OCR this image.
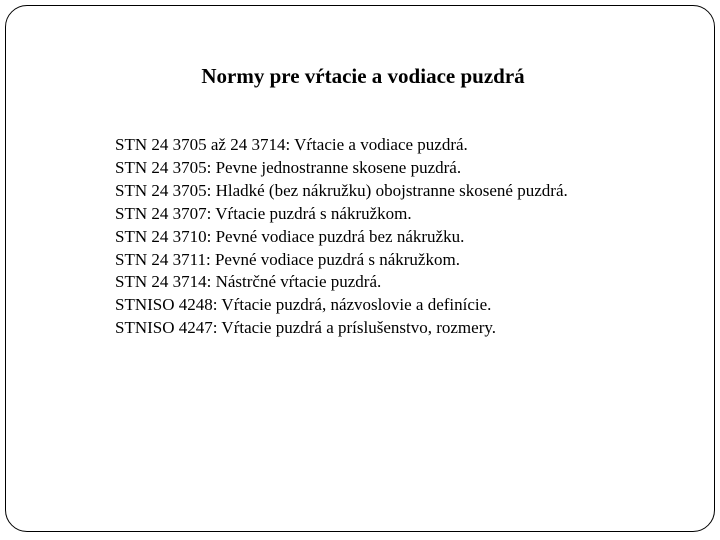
Normy pre vŕtacie a vodiace puzdrá
STN 24 3705 až 24 3714: Vŕtacie a vodiace puzdrá.
STN 24 3705: Pevne jednostranne skosene puzdrá.
STN 24 3705: Hladké (bez nákružku) obojstranne skosené puzdrá.
STN 24 3707: Vŕtacie puzdrá s nákružkom.
STN 24 3710: Pevné vodiace puzdrá bez nákružku.
STN 24 3711: Pevné vodiace puzdrá s nákružkom.
STN 24 3714: Nástrčné vŕtacie puzdrá.
STNISO 4248: Vŕtacie puzdrá, názvoslovie a definície.
STNISO 4247: Vŕtacie puzdrá a príslušenstvo, rozmery.
